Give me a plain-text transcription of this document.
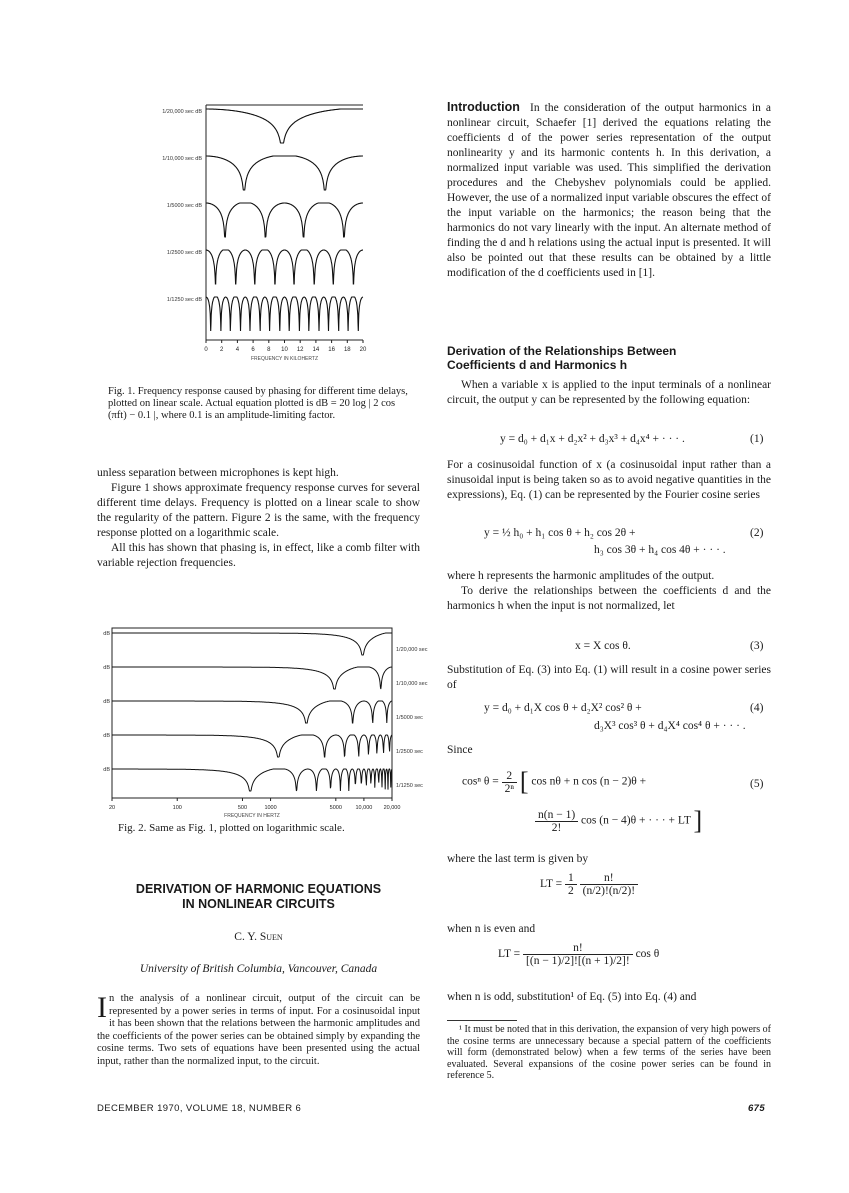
1/20,000 sec dB
1/10,000 sec dB
1/5000 sec dB
1/2500 sec dB
1/1250 sec dB
0 2 4 6 8 10 12 14 16 18 20
FREQUENCY IN KILOHERTZ
Fig. 1. Frequency response caused by phasing for different time delays, plotted on linear scale. Actual equation plotted is dB = 20 log | 2 cos (πft) − 0.1 |, where 0.1 is an amplitude-limiting factor.
unless separation between microphones is kept high.
Figure 1 shows approximate frequency response curves for several different time delays. Frequency is plotted on a linear scale to show the regularity of the pattern. Figure 2 is the same, with the frequency response plotted on a logarithmic scale.
All this has shown that phasing is, in effect, like a comb filter with variable rejection frequencies.
1/20,000 sec
dB
1/10,000 sec
dB
1/5000 sec
dB
1/2500 sec
dB
1/1250 sec
dB
20	100	500	1000	5000 10,000 20,000
FREQUENCY IN HERTZ
Fig. 2. Same as Fig. 1, plotted on logarithmic scale.
DERIVATION OF HARMONIC EQUATIONS
IN NONLINEAR CIRCUITS
C. Y. Suen
University of British Columbia, Vancouver, Canada
In the analysis of a nonlinear circuit, output of the circuit can be represented by a power series in terms of input. For a cosinusoidal input it has been shown that the relations between the harmonic amplitudes and the coefficients of the power series can be obtained simply by expanding the cosine terms. Two sets of equations have been presented using the actual input, rather than the normalized input, to the circuit.
DECEMBER 1970, VOLUME 18, NUMBER 6	675
Introduction In the consideration of the output harmonics in a nonlinear circuit, Schaefer [1] derived the equations relating the coefficients d of the power series representation of the output nonlinearity y and its harmonic contents h. In this derivation, a normalized input variable was used. This simplified the derivation procedures and the Chebyshev polynomials could be applied. However, the use of a normalized input variable obscures the effect of the input variable on the harmonics; the reason being that the harmonics do not vary linearly with the input. An alternate method of finding the d and h relations using the actual input is presented. It will also be pointed out that these results can be obtained by a little modification of the d coefficients used in [1].
Derivation of the Relationships Between
Coefficients d and Harmonics h
When a variable x is applied to the input terminals of a nonlinear circuit, the output y can be represented by the following equation:
y = d₀ + d₁x + d₂x² + d₃x³ + d₄x⁴ + · · · .	(1)
For a cosinusoidal function of x (a cosinusoidal input rather than a sinusoidal input is being taken so as to avoid negative quantities in the expressions), Eq. (1) can be represented by the Fourier cosine series
y = ½ h₀ + h₁ cos θ + h₂ cos 2θ +	(2)
h₃ cos 3θ + h₄ cos 4θ + · · · .
where h represents the harmonic amplitudes of the output.
To derive the relationships between the coefficients d and the harmonics h when the input is not normalized, let
x = X cos θ.	(3)
Substitution of Eq. (3) into Eq. (1) will result in a cosine power series of
y = d₀ + d₁X cos θ + d₂X² cos² θ +	(4)
d₃X³ cos³ θ + d₄X⁴ cos⁴ θ + · · · .
Since
cosⁿ $\theta = \frac{2}{\text{2ⁿ}}$ [ cos nθ + n cos (n − 2)θ +	(5)
$\frac{n(n - 1)}{2!}$ cos (n − 4)θ + · · · + LT ]
where the last term is given by
LT = $\frac{1}{2}$
$\frac{n!}{(n/2)!(n/2)!}$
when n is even and
LT = $\frac{n!}{[(n - 1)/2]![(n + 1)/2]!}$ cos θ
when n is odd, substitution¹ of Eq. (5) into Eq. (4) and
¹ It must be noted that in this derivation, the expansion of very high powers of the cosine terms are unnecessary because a special pattern of the coefficients will form (demonstrated below) when a few terms of the series have been evaluated. Several expansions of the cosine power series can be found in reference 5.
